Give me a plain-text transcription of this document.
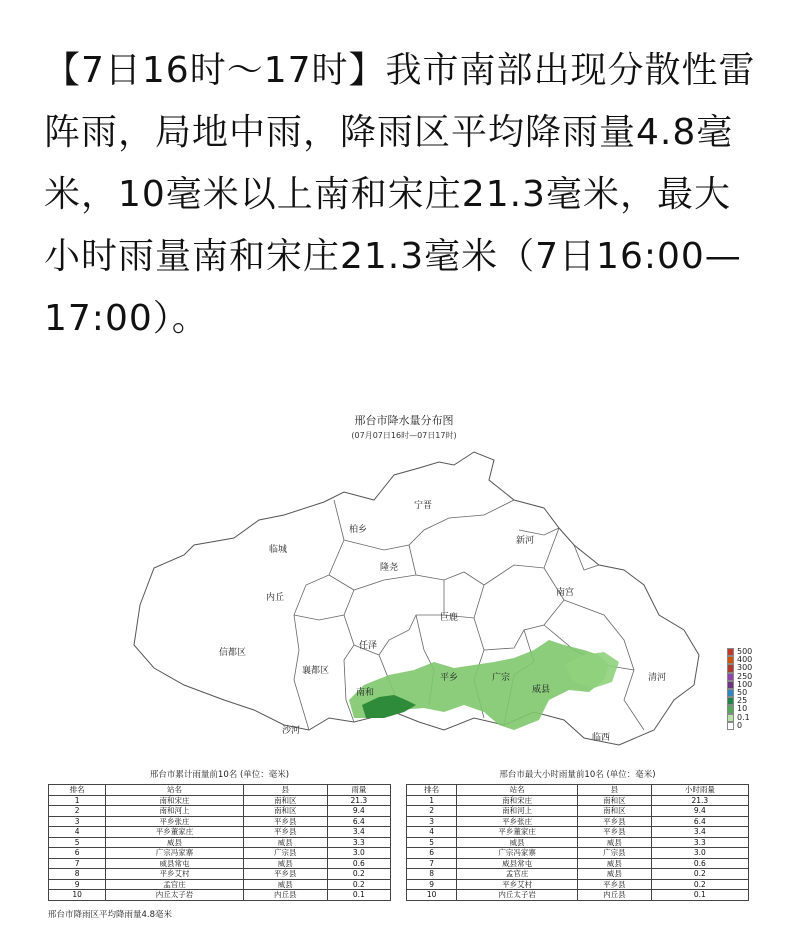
【7日16时～17时】我市南部出现分散性雷阵雨，局地中雨，降雨区平均降雨量4.8毫米，10毫米以上南和宋庄21.3毫米，最大小时雨量南和宋庄21.3毫米（7日16:00—17:00）。
邢台市降水量分布图
(07月07日16时—07日17时)
宁晋
柏乡
新河
临城
隆尧
南宫
内丘
巨鹿
信都区
任泽
襄都区
平乡	广宗
威县
清河
南和
沙河
临西
500
400
300
250
100
50
25
10
0.1
0
邢台市累计雨量前10名 (单位：毫米)
排名	站名	县	雨量
1	南和宋庄	南和区	21.3
2	南和河上	南和区	9.4
3	平乡张庄	平乡县	6.4
4	平乡董家庄	平乡县	3.4
5	威县	威县	3.3
6	广宗冯家寨	广宗县	3.0
7	威县常屯	威县	0.6
8	平乡艾村	平乡县	0.2
9	孟官庄	威县	0.2
10	内丘太子岩	内丘县	0.1
邢台市最大小时雨量前10名 (单位：毫米)
排名	站名	县	小时雨量
1	南和宋庄	南和区	21.3
2	南和河上	南和区	9.4
3	平乡张庄	平乡县	6.4
4	平乡董家庄	平乡县	3.4
5	威县	威县	3.3
6	广宗冯家寨	广宗县	3.0
7	威县常屯	威县	0.6
8	孟官庄	威县	0.2
9	平乡艾村	平乡县	0.2
10	内丘太子岩	内丘县	0.1
邢台市降雨区平均降雨量4.8毫米
